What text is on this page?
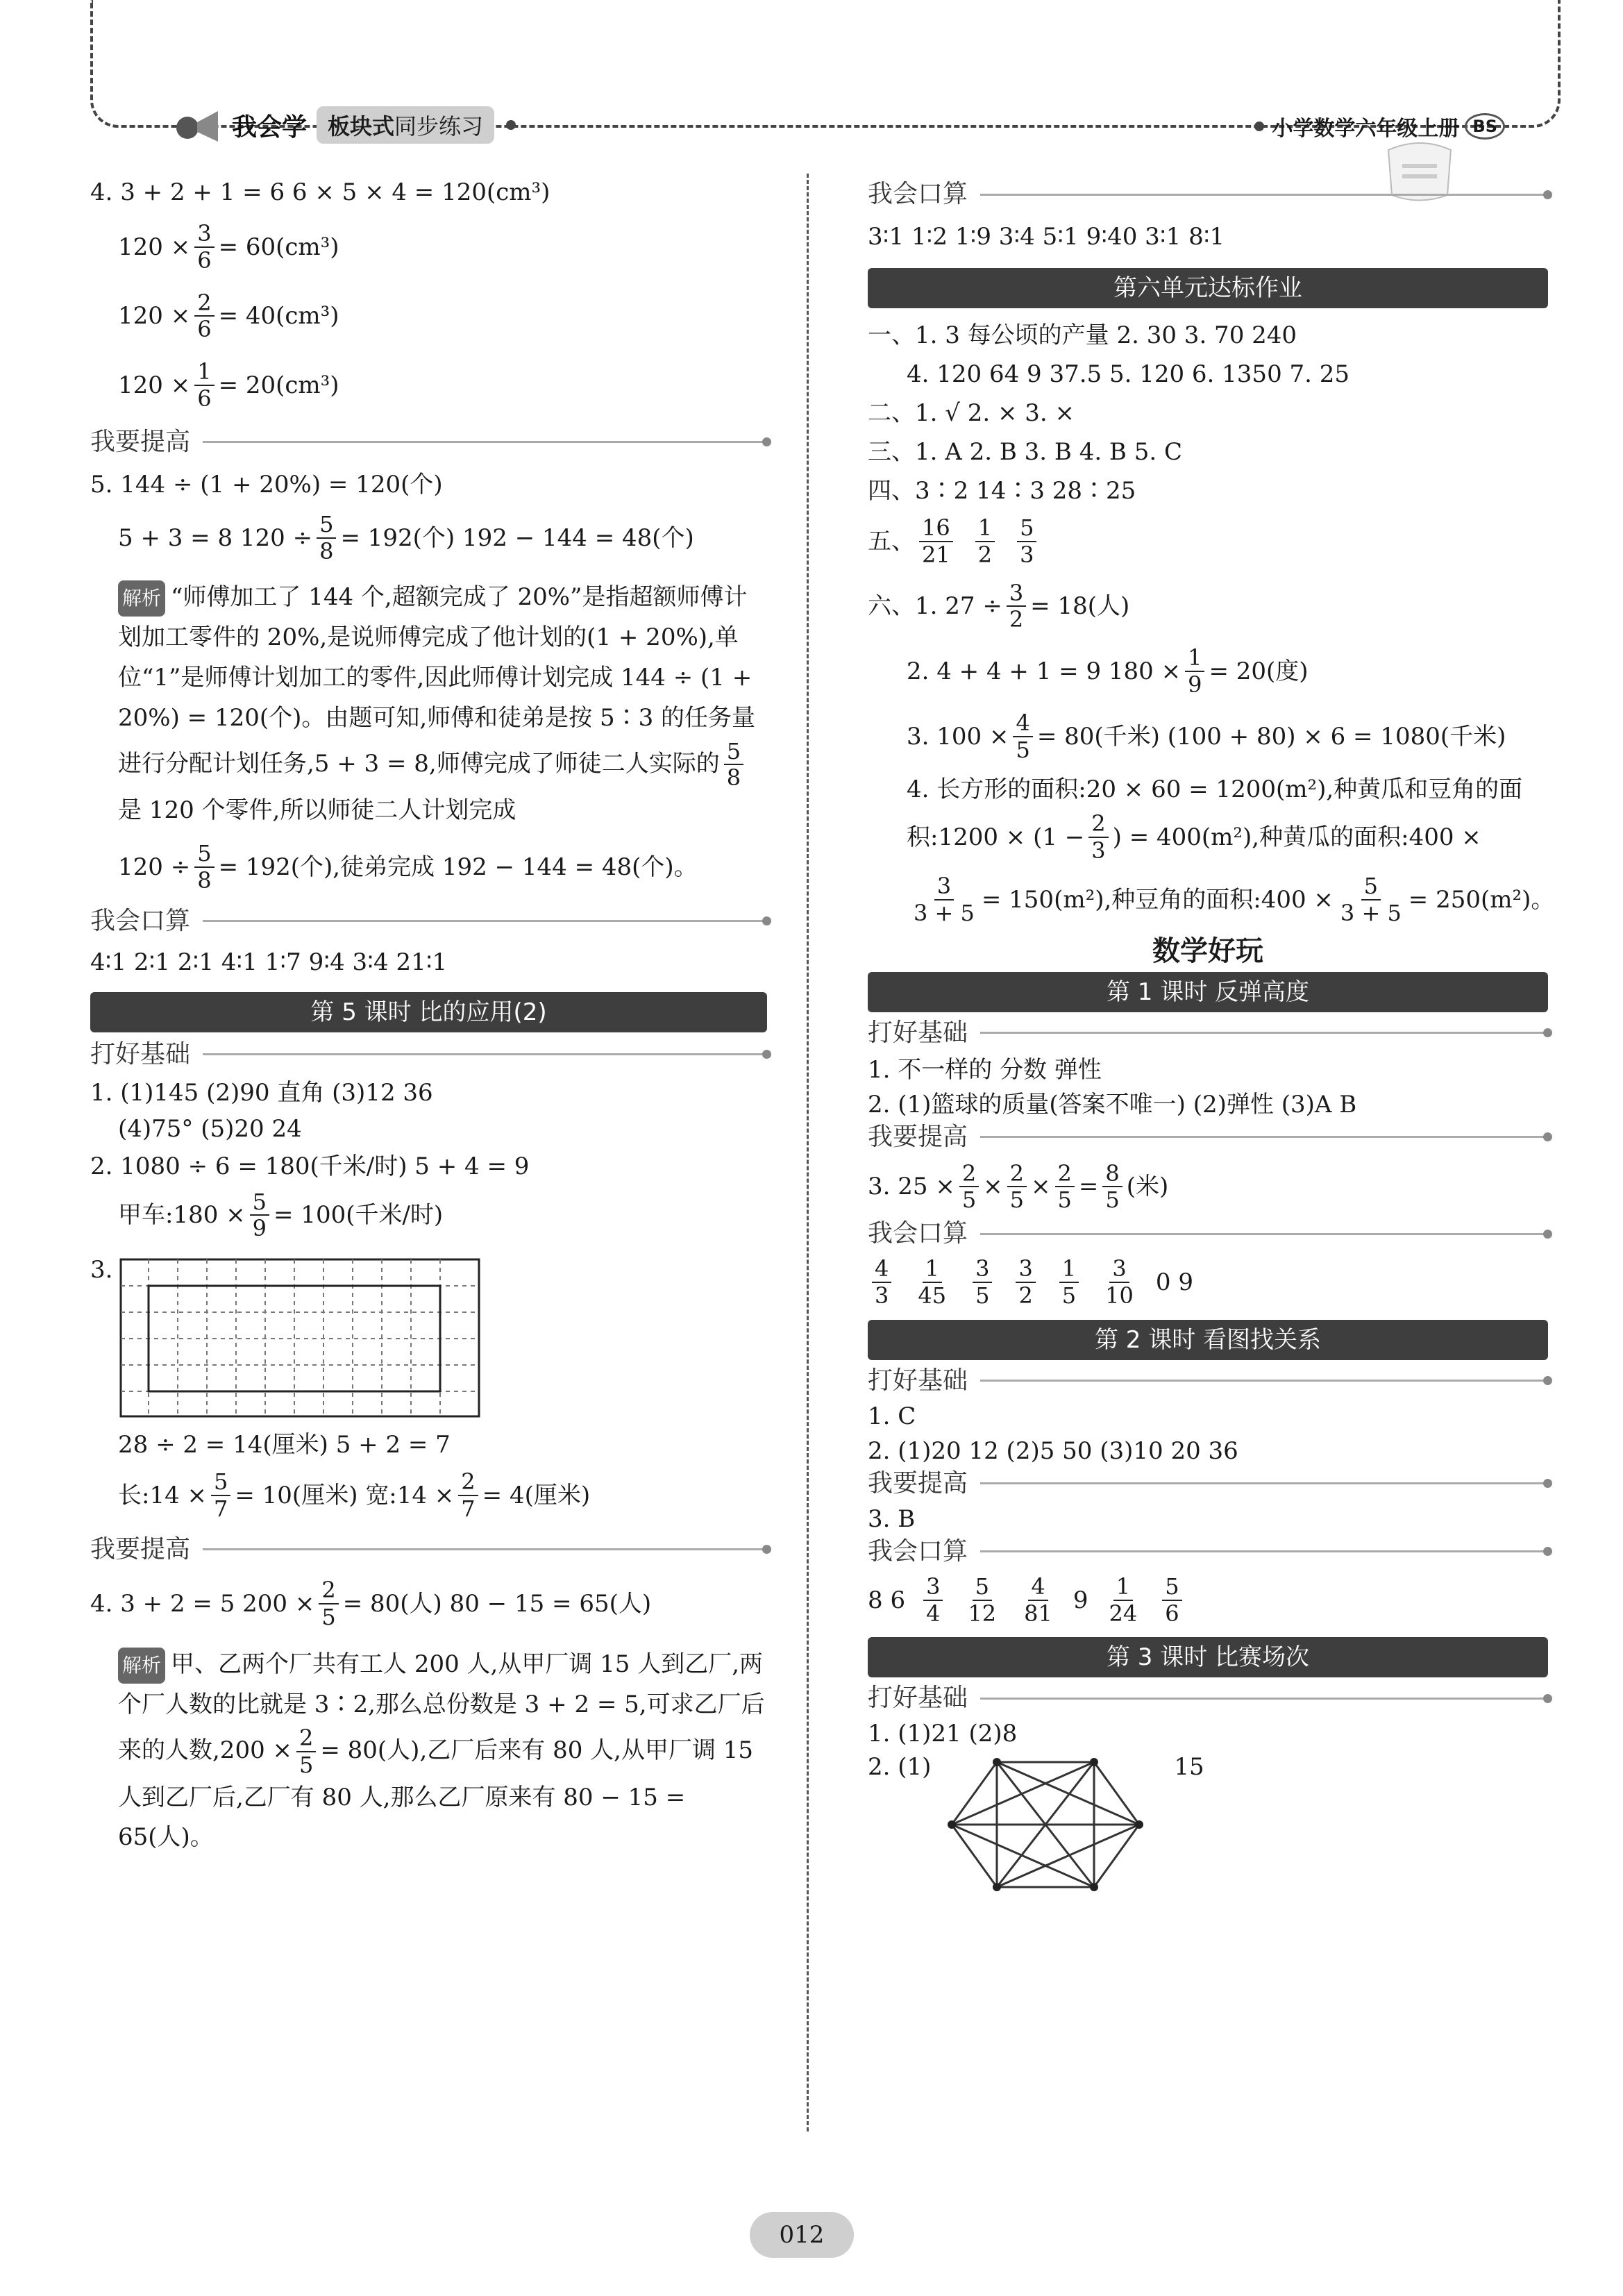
我会学 板块式同步练习	小学数学六年级上册 BS
4. 3 + 2 + 1 = 6 6 × 5 × 4 = 120(cm³)
$120 \times \frac{3}{6} = 60(cm^3)$
$120 \times \frac{2}{6} = 40(cm^3)$
$120 \times \frac{1}{6} = 20(cm^3)$
我要提高
5. 144 ÷ (1 + 20%) = 120(个)
5 + 3 = 8 $120 \div \frac{5}{8} = 192$(个) 192 − 144 = 48(个)
解析 “师傅加工了 144 个,超额完成了 20%”是指超额师傅计划加工零件的 20%,是说师傅完成了他计划的(1 + 20%),单位“1”是师傅计划加工的零件,因此师傅计划完成 144 ÷ (1 + 20%) = 120(个)。由题可知,师傅和徒弟是按 5∶3 的任务量进行分配计划任务,5 + 3 = 8,师傅完成了师徒二人实际的 $\frac{5}{8}$
是 120 个零件,所以师徒二人计划完成
$120 \div \frac{5}{8} = 192$(个),徒弟完成 192 − 144 = 48(个)。
我会口算
4∶1 2∶1 2∶1 4∶1 1∶7 9∶4 3∶4 21∶1
第 5 课时 比的应用(2)
打好基础
1. (1)145 (2)90 直角 (3)12 36
(4)75° (5)20 24
2. 1080 ÷ 6 = 180(千米/时) 5 + 4 = 9
甲车:180 × $\frac{5}{9} = 100$(千米/时)
3.
28 ÷ 2 = 14(厘米) 5 + 2 = 7
长:14 × $\frac{5}{7} = 10$(厘米) 宽:14 × $\frac{2}{7} = 4$(厘米)
我要提高
4. 3 + 2 = 5 $200 \times \frac{2}{5} = 80$(人) 80 − 15 = 65(人)
解析 甲、乙两个厂共有工人 200 人,从甲厂调 15 人到乙厂,两个厂人数的比就是 3∶2,那么总份数是 3 + 2 = 5,可求乙厂后来的人数$,200 \times \frac{2}{5} = 80$(人),乙厂后来有 80 人,从甲厂调 15 人到乙厂后,乙厂有 80 人,那么乙厂原来有 80 − 15 = 65(人)。
我会口算
3∶1 1∶2 1∶9 3∶4 5∶1 9∶40 3∶1 8∶1
第六单元达标作业
一、1. 3 每公顷的产量 2. 30 3. 70 240
4. 120 64 9 37.5 5. 120 6. 1350 7. 25
二、1. √ 2. × 3. ×
三、1. A 2. B 3. B 4. B 5. C
四、3∶2 14∶3 28∶25
五、 $\frac{16}{21} \frac{1}{2} \frac{5}{3}$
六、1. $27 \div \frac{3}{2} = 18$(人)
2. 4 + 4 + 1 = 9 $180 \times \frac{1}{9} = 20$(度)
3. $100 \times \frac{4}{5} = 80$(千米) (100 + 80) × 6 = 1080(千米)
4. 长方形的面积:20 × 60 = 1200(m²),种黄瓜和豆角的面
积:1200 × ($1 - \frac{2}{3}$ ) = 400(m²),种黄瓜的面积:400 ×
$\frac{3}{3 + 5} = 150(m^2)$,种豆角的面积:400 × $\frac{5}{3 + 5} = 250(m^2)$。
数学好玩
第 1 课时 反弹高度
打好基础
1. 不一样的 分数 弹性
2. (1)篮球的质量(答案不唯一) (2)弹性 (3)A B
我要提高
3. $25 \times \frac{2}{5} \times \frac{2}{5} \times \frac{2}{5} = \frac{8}{5}$ (米)
我会口算
$\frac{4}{3} \frac{1}{45} \frac{3}{5} \frac{3}{2} \frac{1}{5} \frac{3}{10} 0$ 9
第 2 课时 看图找关系
打好基础
1. C
2. (1)20 12 (2)5 50 (3)10 20 36
我要提高
3. B
我会口算
8 $6 \frac{3}{4} \frac{5}{12} \frac{4}{81} 9 \frac{1}{24} \frac{5}{6}$
第 3 课时 比赛场次
打好基础
1. (1)21 (2)8
2. (1)	15
012
